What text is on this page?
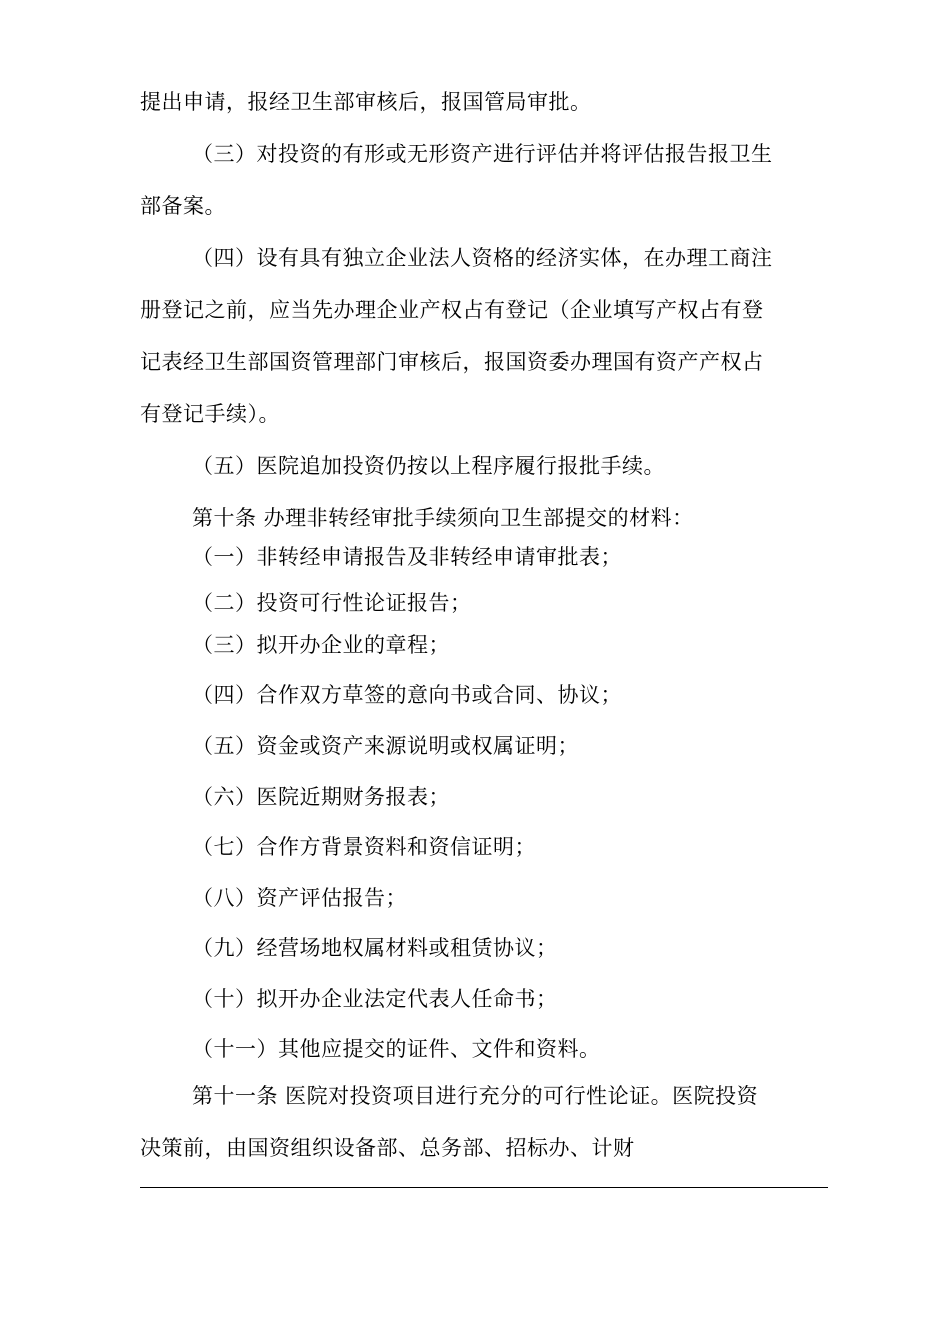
提出申请，报经卫生部审核后，报国管局审批。
（三）对投资的有形或无形资产进行评估并将评估报告报卫生
部备案。
（四）设有具有独立企业法人资格的经济实体，在办理工商注
册登记之前，应当先办理企业产权占有登记（企业填写产权占有登
记表经卫生部国资管理部门审核后，报国资委办理国有资产产权占
有登记手续）。
（五）医院追加投资仍按以上程序履行报批手续。
第十条 办理非转经审批手续须向卫生部提交的材料：
（一）非转经申请报告及非转经申请审批表；
（二）投资可行性论证报告；
（三）拟开办企业的章程；
（四）合作双方草签的意向书或合同、协议；
（五）资金或资产来源说明或权属证明；
（六）医院近期财务报表；
（七）合作方背景资料和资信证明；
（八）资产评估报告；
（九）经营场地权属材料或租赁协议；
（十）拟开办企业法定代表人任命书；
（十一）其他应提交的证件、文件和资料。
第十一条 医院对投资项目进行充分的可行性论证。医院投资
决策前，由国资组织设备部、总务部、招标办、计财
